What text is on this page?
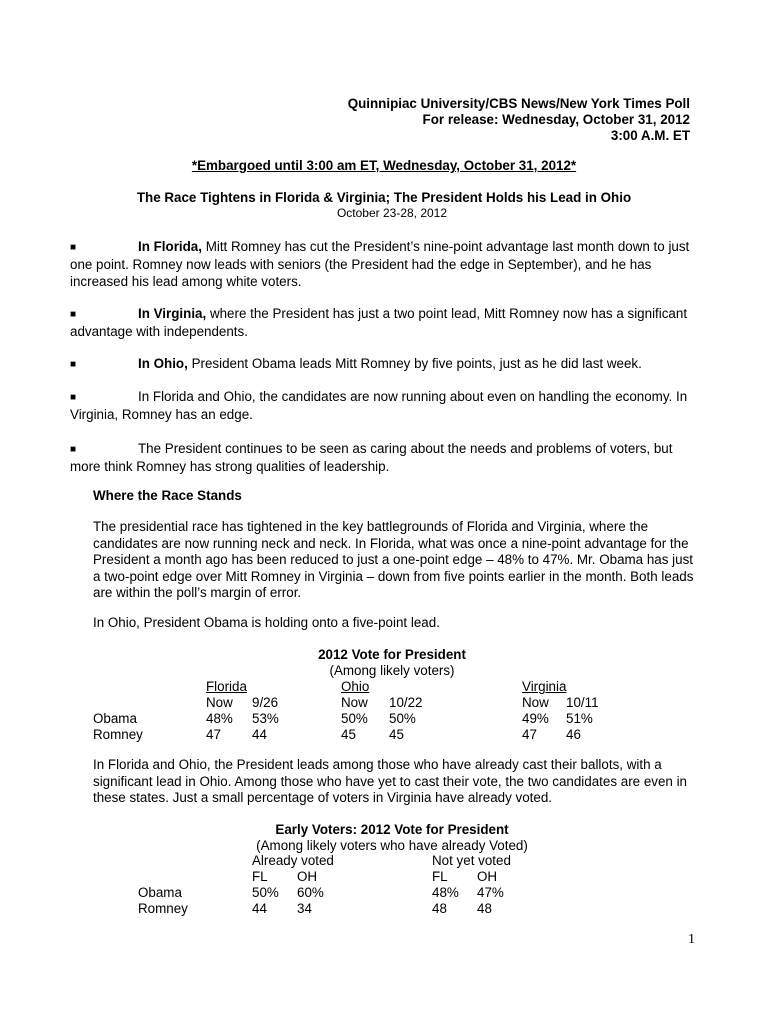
Quinnipiac University/CBS News/New York Times Poll
For release: Wednesday, October 31, 2012
3:00 A.M. ET
*Embargoed until 3:00 am ET, Wednesday, October 31, 2012*
The Race Tightens in Florida & Virginia; The President Holds his Lead in Ohio
October 23-28, 2012
■	In Florida, Mitt Romney has cut the President’s nine-point advantage last month down to just one point. Romney now leads with seniors (the President had the edge in September), and he has increased his lead among white voters.
■	In Virginia, where the President has just a two point lead, Mitt Romney now has a significant advantage with independents.
■	In Ohio, President Obama leads Mitt Romney by five points, just as he did last week.
■	In Florida and Ohio, the candidates are now running about even on handling the economy. In Virginia, Romney has an edge.
■	The President continues to be seen as caring about the needs and problems of voters, but more think Romney has strong qualities of leadership.
Where the Race Stands
The presidential race has tightened in the key battlegrounds of Florida and Virginia, where the candidates are now running neck and neck. In Florida, what was once a nine-point advantage for the President a month ago has been reduced to just a one-point edge – 48% to 47%. Mr. Obama has just a two-point edge over Mitt Romney in Virginia – down from five points earlier in the month. Both leads are within the poll’s margin of error.
In Ohio, President Obama is holding onto a five-point lead.
2012 Vote for President
(Among likely voters)
Florida	Ohio	Virginia
Now 9/26	Now 10/22	Now 10/11
Obama	48% 53%	50% 50%	49% 51%
Romney	47 44	45 45	47 46
In Florida and Ohio, the President leads among those who have already cast their ballots, with a significant lead in Ohio. Among those who have yet to cast their vote, the two candidates are even in these states. Just a small percentage of voters in Virginia have already voted.
Early Voters: 2012 Vote for President
(Among likely voters who have already Voted)
Already voted	Not yet voted
FL OH	FL OH
Obama	50% 60%	48% 47%
Romney	44 34	48 48
1
